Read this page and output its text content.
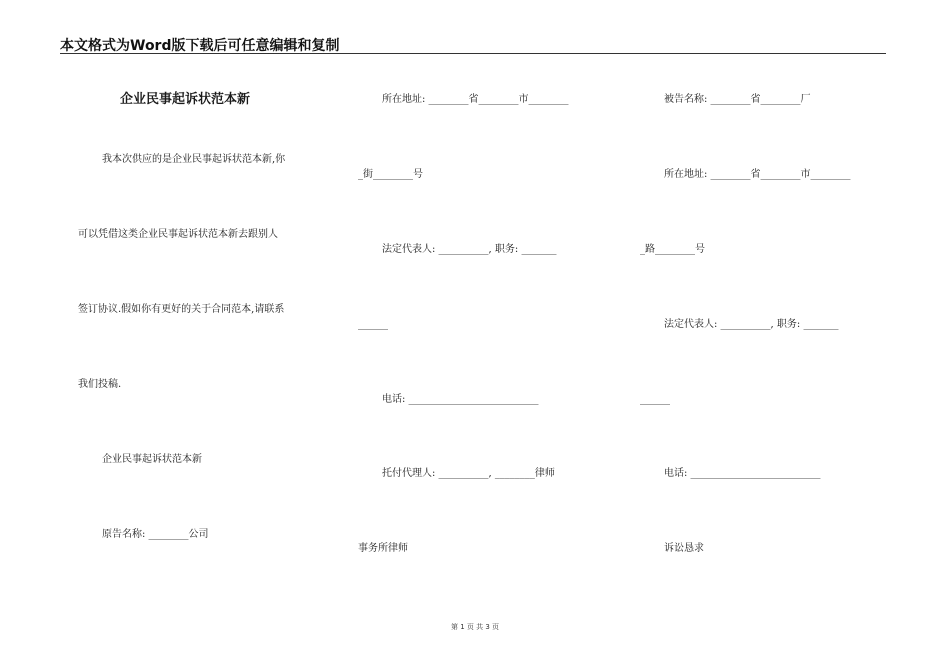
本文格式为Word版下载后可任意编辑和复制
企业民事起诉状范本新
我本次供应的是企业民事起诉状范本新,你
可以凭借这类企业民事起诉状范本新去跟别人
签订协议.假如你有更好的关于合同范本,请联系
我们投稿.
企业民事起诉状范本新
原告名称: ________公司
所在地址: ________省________市________
_街________号
法定代表人: __________, 职务: _______
______
电话: __________________________
托付代理人: __________, ________律师
事务所律师
被告名称: ________省________厂
所在地址: ________省________市________
_路________号
法定代表人: __________, 职务: _______
______
电话: __________________________
诉讼恳求
第 1 页 共 3 页
